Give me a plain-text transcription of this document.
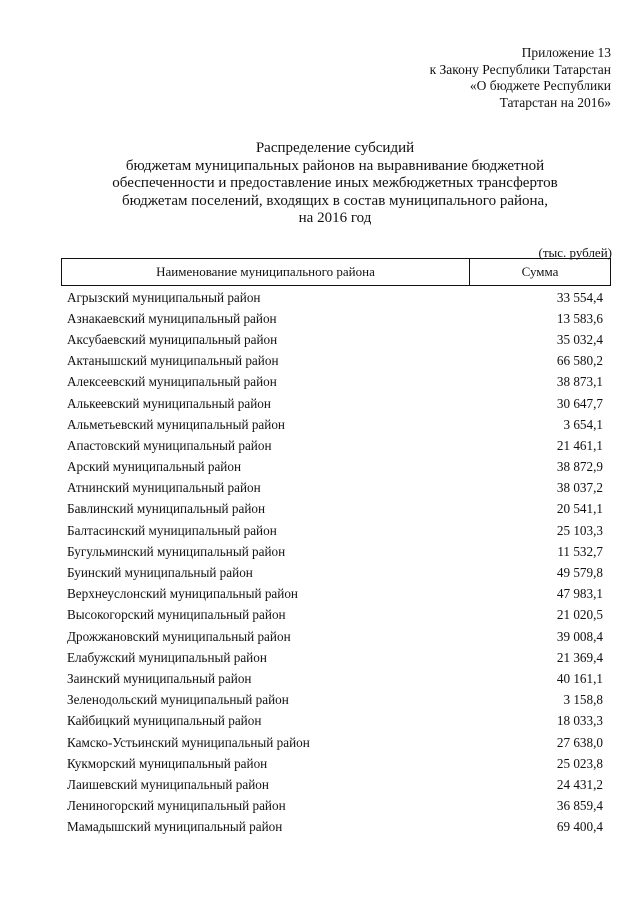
Приложение 13
к Закону Республики Татарстан
«О бюджете Республики
Татарстан на 2016»
Распределение субсидий
бюджетам муниципальных районов на выравнивание бюджетной
обеспеченности и предоставление иных межбюджетных трансфертов
бюджетам поселений, входящих в состав муниципального района,
на 2016 год
(тыс. рублей)
Наименование муниципального района	Сумма
Агрызский муниципальный район	33 554,4
Азнакаевский муниципальный район	13 583,6
Аксубаевский муниципальный район	35 032,4
Актанышский муниципальный район	66 580,2
Алексеевский муниципальный район	38 873,1
Алькеевский муниципальный район	30 647,7
Альметьевский муниципальный район	3 654,1
Апастовский муниципальный район	21 461,1
Арский муниципальный район	38 872,9
Атнинский муниципальный район	38 037,2
Бавлинский муниципальный район	20 541,1
Балтасинский муниципальный район	25 103,3
Бугульминский муниципальный район	11 532,7
Буинский муниципальный район	49 579,8
Верхнеуслонский муниципальный район	47 983,1
Высокогорский муниципальный район	21 020,5
Дрожжановский муниципальный район	39 008,4
Елабужский муниципальный район	21 369,4
Заинский муниципальный район	40 161,1
Зеленодольский муниципальный район	3 158,8
Кайбицкий муниципальный район	18 033,3
Камско-Устьинский муниципальный район	27 638,0
Кукморский муниципальный район	25 023,8
Лаишевский муниципальный район	24 431,2
Лениногорский муниципальный район	36 859,4
Мамадышский муниципальный район	69 400,4
